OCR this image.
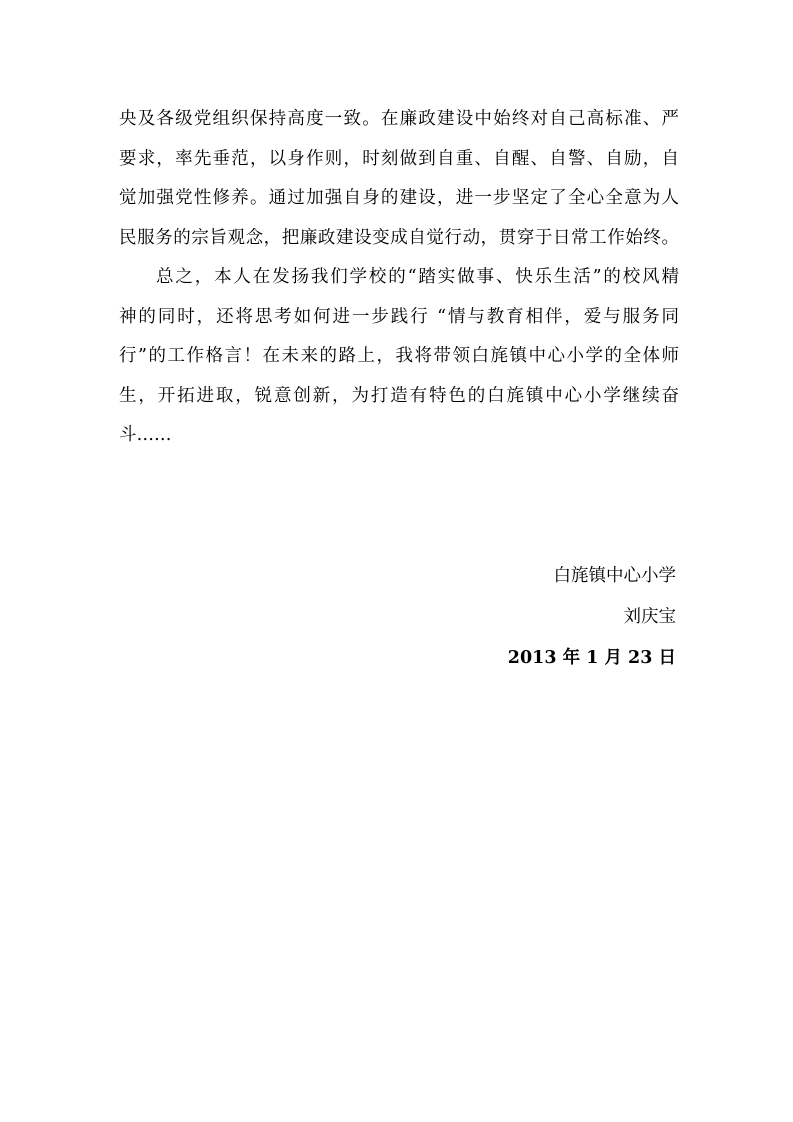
央及各级党组织保持高度一致。在廉政建设中始终对自己高标准、严
要求，率先垂范，以身作则，时刻做到自重、自醒、自警、自励，自
觉加强党性修养。通过加强自身的建设，进一步坚定了全心全意为人
民服务的宗旨观念，把廉政建设变成自觉行动，贯穿于日常工作始终。
总之，本人在发扬我们学校的“踏实做事、快乐生活”的校风精
神的同时，还将思考如何进一步践行 “情与教育相伴，爱与服务同
行”的工作格言！在未来的路上，我将带领白旄镇中心小学的全体师
生，开拓进取，锐意创新，为打造有特色的白旄镇中心小学继续奋
斗……
白旄镇中心小学
刘庆宝
2013 年 1 月 23 日
